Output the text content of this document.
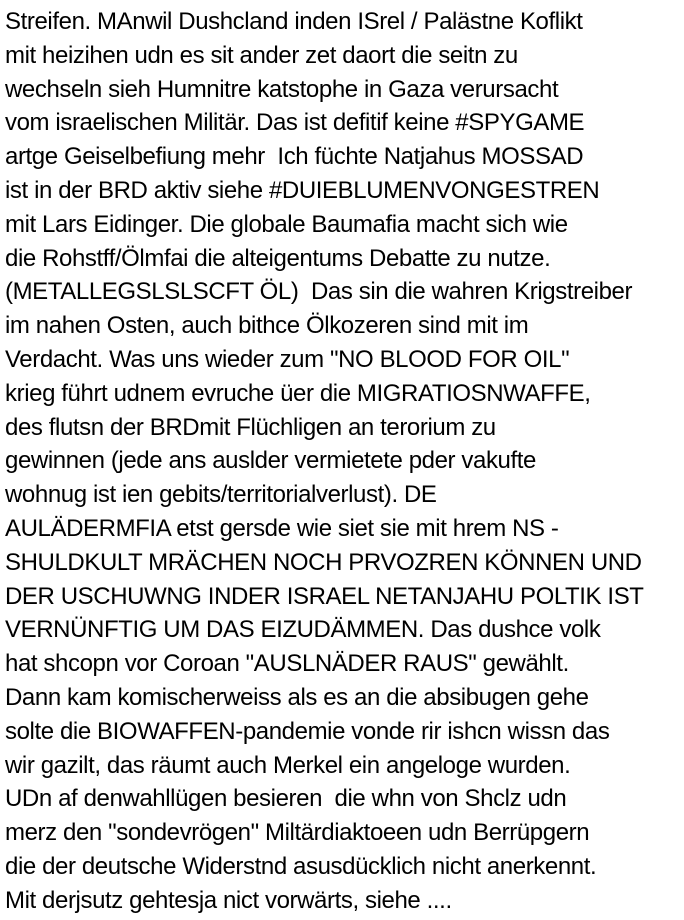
Streifen. MAnwil Dushcland inden ISrel / Palästne Koflikt
mit heizihen udn es sit ander zet daort die seitn zu
wechseln sieh Humnitre katstophe in Gaza verursacht
vom israelischen Militär. Das ist defitif keine #SPYGAME
artge Geiselbefiung mehr  Ich füchte Natjahus MOSSAD
ist in der BRD aktiv siehe #DUIEBLUMENVONGESTREN
mit Lars Eidinger. Die globale Baumafia macht sich wie
die Rohstff/Ölmfai die alteigentums Debatte zu nutze.
(METALLEGSLSLSCFT ÖL)  Das sin die wahren Krigstreiber
im nahen Osten, auch bithce Ölkozeren sind mit im
Verdacht. Was uns wieder zum "NO BLOOD FOR OIL"
krieg führt udnem evruche üer die MIGRATIOSNWAFFE,
des flutsn der BRDmit Flüchligen an terorium zu
gewinnen (jede ans auslder vermietete pder vakufte
wohnug ist ien gebits/territorialverlust). DE
AULÄDERMFIA etst gersde wie siet sie mit hrem NS -
SHULDKULT MRÄCHEN NOCH PRVOZREN KÖNNEN UND
DER USCHUWNG INDER ISRAEL NETANJAHU POLTIK IST
VERNÜNFTIG UM DAS EIZUDÄMMEN. Das dushce volk
hat shcopn vor Coroan "AUSLNÄDER RAUS" gewählt.
Dann kam komischerweiss als es an die absibugen gehe
solte die BIOWAFFEN-pandemie vonde rir ishcn wissn das
wir gazilt, das räumt auch Merkel ein angeloge wurden.
UDn af denwahllügen besieren  die whn von Shclz udn
merz den "sondevrögen" Miltärdiaktoeen udn Berrüpgern
die der deutsche Widerstnd asusdücklich nicht anerkennt.
Mit derjsutz gehtesja nict vorwärts, siehe ....
